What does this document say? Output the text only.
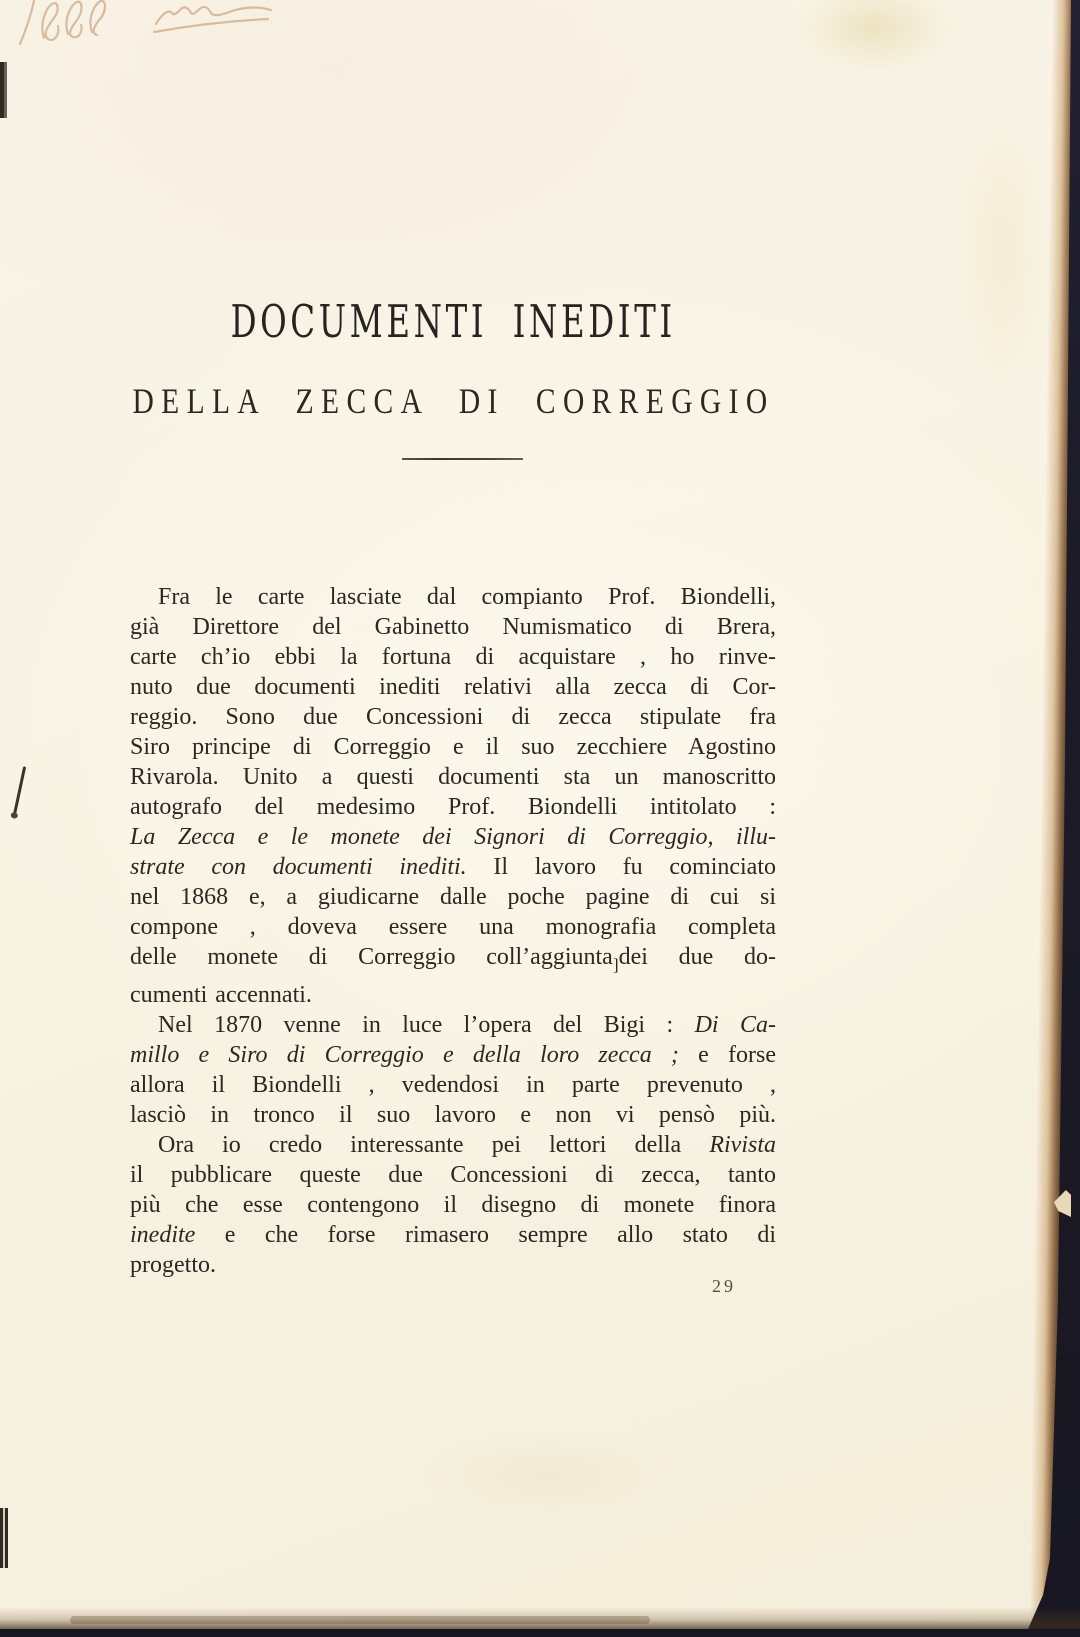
DOCUMENTI INEDITI
DELLA ZECCA DI CORREGGIO
Fra le carte lasciate dal compianto Prof. Biondelli,
già Direttore del Gabinetto Numismatico di Brera,
carte ch’io ebbi la fortuna di acquistare , ho rinve-
nuto due documenti inediti relativi alla zecca di Cor-
reggio. Sono due Concessioni di zecca stipulate fra
Siro principe di Correggio e il suo zecchiere Agostino
Rivarola. Unito a questi documenti sta un manoscritto
autografo del medesimo Prof. Biondelli intitolato :
La Zecca e le monete dei Signori di Correggio, illu-
strate con documenti inediti. Il lavoro fu cominciato
nel 1868 e, a giudicarne dalle poche pagine di cui si
compone , doveva essere una monografia completa
delle monete di Correggio coll’aggiunta$_]$dei due do-
cumenti accennati.
Nel 1870 venne in luce l’opera del Bigi : Di Ca-
millo e Siro di Correggio e della loro zecca ; e forse
allora il Biondelli , vedendosi in parte prevenuto ,
lasciò in tronco il suo lavoro e non vi pensò più.
Ora io credo interessante pei lettori della Rivista
il pubblicare queste due Concessioni di zecca, tanto
più che esse contengono il disegno di monete finora
inedite e che forse rimasero sempre allo stato di
progetto.
29
